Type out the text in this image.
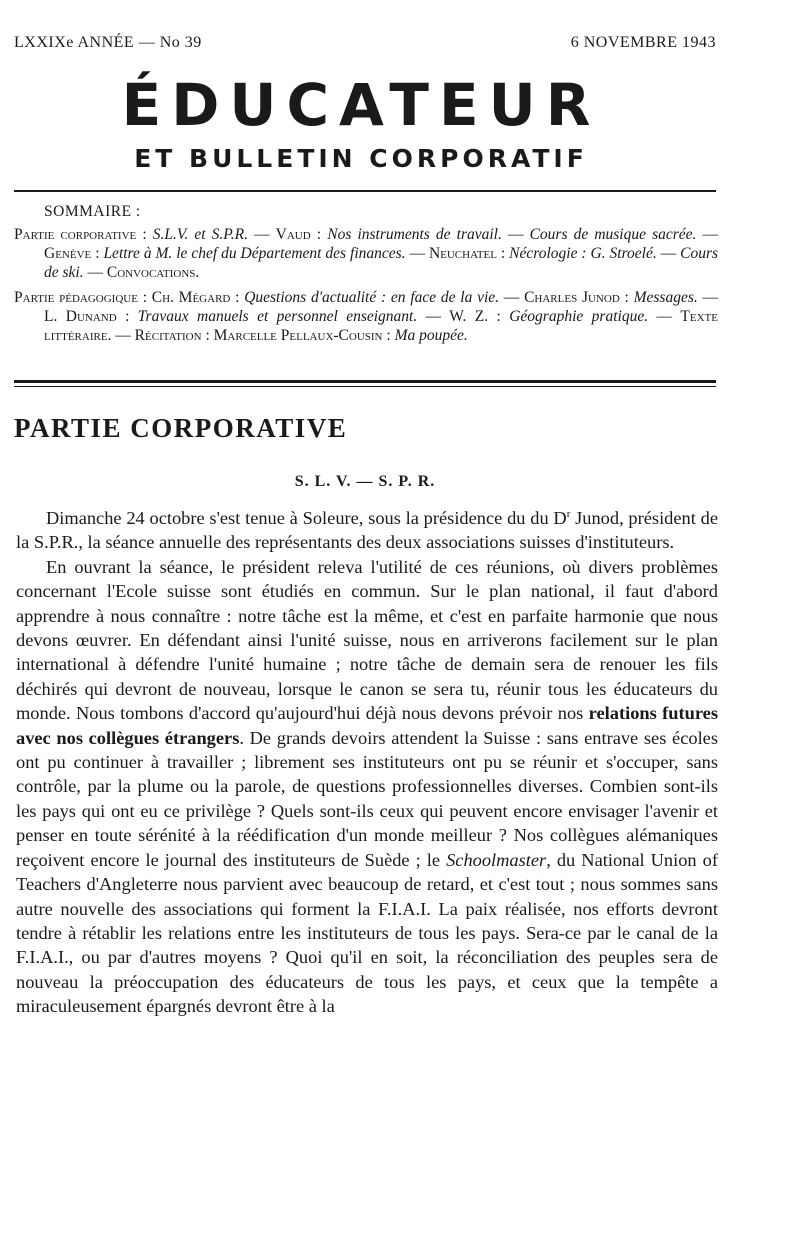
LXXIXe ANNÉE — No 39	6 NOVEMBRE 1943
ÉDUCATEUR
ET BULLETIN CORPORATIF
SOMMAIRE :
Partie corporative : S.L.V. et S.P.R. — Vaud : Nos instruments de travail. — Cours de musique sacrée. — Genève : Lettre à M. le chef du Département des finances. — Neuchatel : Nécrologie : G. Stroelé. — Cours de ski. — Convocations.
Partie pédagogique : Ch. Mégard : Questions d'actualité : en face de la vie. — Charles Junod : Messages. — L. Dunand : Travaux manuels et personnel enseignant. — W. Z. : Géographie pratique. — Texte littéraire. — Récitation : Marcelle Pellaux-Cousin : Ma poupée.
PARTIE CORPORATIVE
S. L. V. — S. P. R.

Dimanche 24 octobre s'est tenue à Soleure, sous la présidence du du $D^r$ Junod, président de la S.P.R., la séance annuelle des représentants des deux associations suisses d'instituteurs.

En ouvrant la séance, le président releva l'utilité de ces réunions, où divers problèmes concernant l'Ecole suisse sont étudiés en commun. Sur le plan national, il faut d'abord apprendre à nous connaître : notre tâche est la même, et c'est en parfaite harmonie que nous devons œuvrer. En défendant ainsi l'unité suisse, nous en arriverons facilement sur le plan international à défendre l'unité humaine ; notre tâche de demain sera de renouer les fils déchirés qui devront de nouveau, lorsque le canon se sera tu, réunir tous les éducateurs du monde. Nous tombons d'accord qu'aujourd'hui déjà nous devons prévoir nos relations futures avec nos collègues étrangers. De grands devoirs attendent la Suisse : sans entrave ses écoles ont pu continuer à travailler ; librement ses instituteurs ont pu se réunir et s'occuper, sans contrôle, par la plume ou la parole, de questions professionnelles diverses. Combien sont-ils les pays qui ont eu ce privilège ? Quels sont-ils ceux qui peuvent encore envisager l'avenir et penser en toute sérénité à la réédification d'un monde meilleur ? Nos collègues alémaniques reçoivent encore le journal des instituteurs de Suède ; le Schoolmaster, du National Union of Teachers d'Angleterre nous parvient avec beaucoup de retard, et c'est tout ; nous sommes sans autre nouvelle des associations qui forment la F.I.A.I. La paix réalisée, nos efforts devront tendre à rétablir les relations entre les instituteurs de tous les pays. Sera-ce par le canal de la F.I.A.I., ou par d'autres moyens ? Quoi qu'il en soit, la réconciliation des peuples sera de nouveau la préoccupation des éducateurs de tous les pays, et ceux que la tempête a miraculeusement épargnés devront être à la
